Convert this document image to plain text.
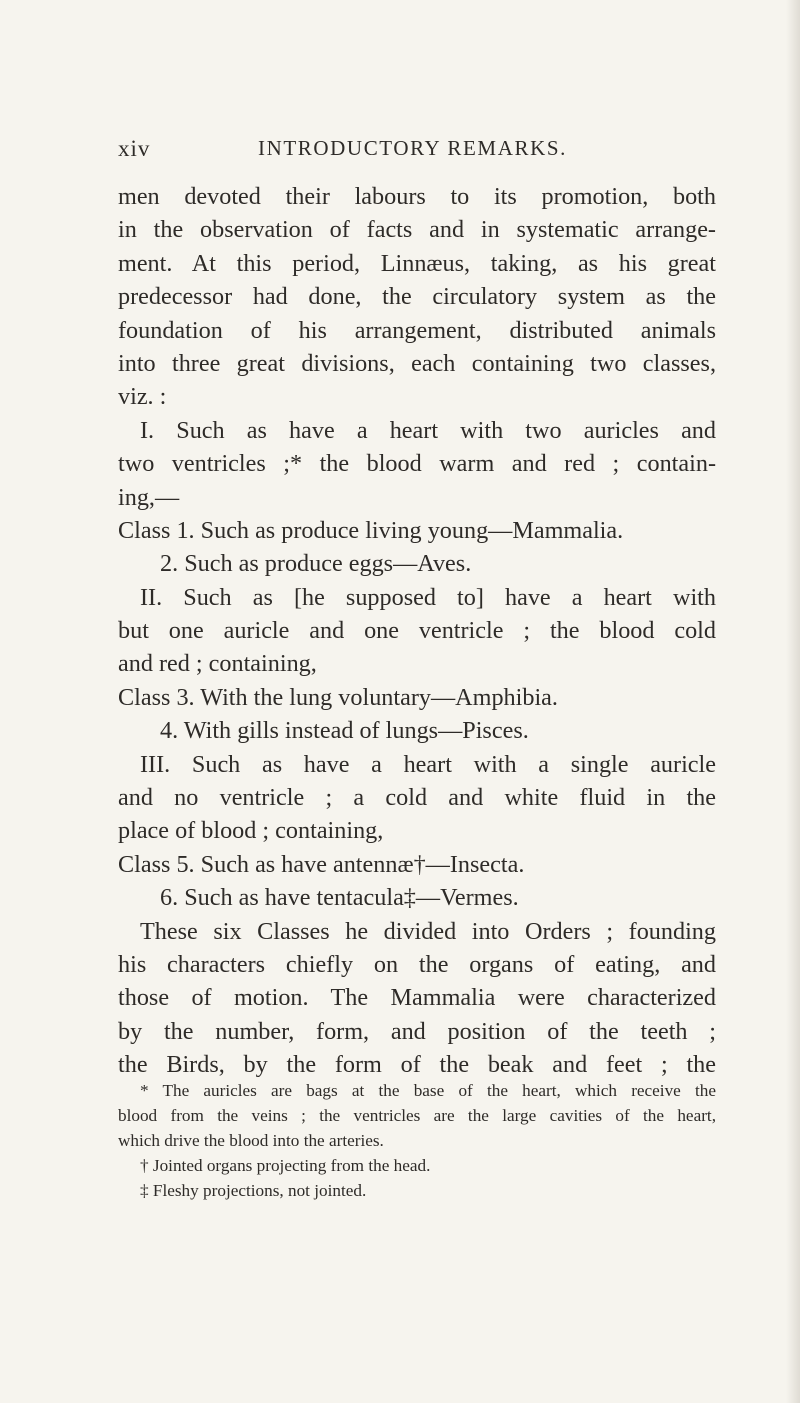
xiv	INTRODUCTORY REMARKS.
men devoted their labours to its promotion, both
in the observation of facts and in systematic arrange-
ment. At this period, Linnæus, taking, as his great
predecessor had done, the circulatory system as the
foundation of his arrangement, distributed animals
into three great divisions, each containing two classes,
viz. :
I. Such as have a heart with two auricles and
two ventricles ;* the blood warm and red ; contain-
ing,—
Class 1. Such as produce living young—Mammalia.
2. Such as produce eggs—Aves.
II. Such as [he supposed to] have a heart with
but one auricle and one ventricle ; the blood cold
and red ; containing,
Class 3. With the lung voluntary—Amphibia.
4. With gills instead of lungs—Pisces.
III. Such as have a heart with a single auricle
and no ventricle ; a cold and white fluid in the
place of blood ; containing,
Class 5. Such as have antennæ†—Insecta.
6. Such as have tentacula‡—Vermes.
These six Classes he divided into Orders ; founding
his characters chiefly on the organs of eating, and
those of motion. The Mammalia were characterized
by the number, form, and position of the teeth ;
the Birds, by the form of the beak and feet ; the
* The auricles are bags at the base of the heart, which receive the
blood from the veins ; the ventricles are the large cavities of the heart,
which drive the blood into the arteries.
† Jointed organs projecting from the head.
‡ Fleshy projections, not jointed.
